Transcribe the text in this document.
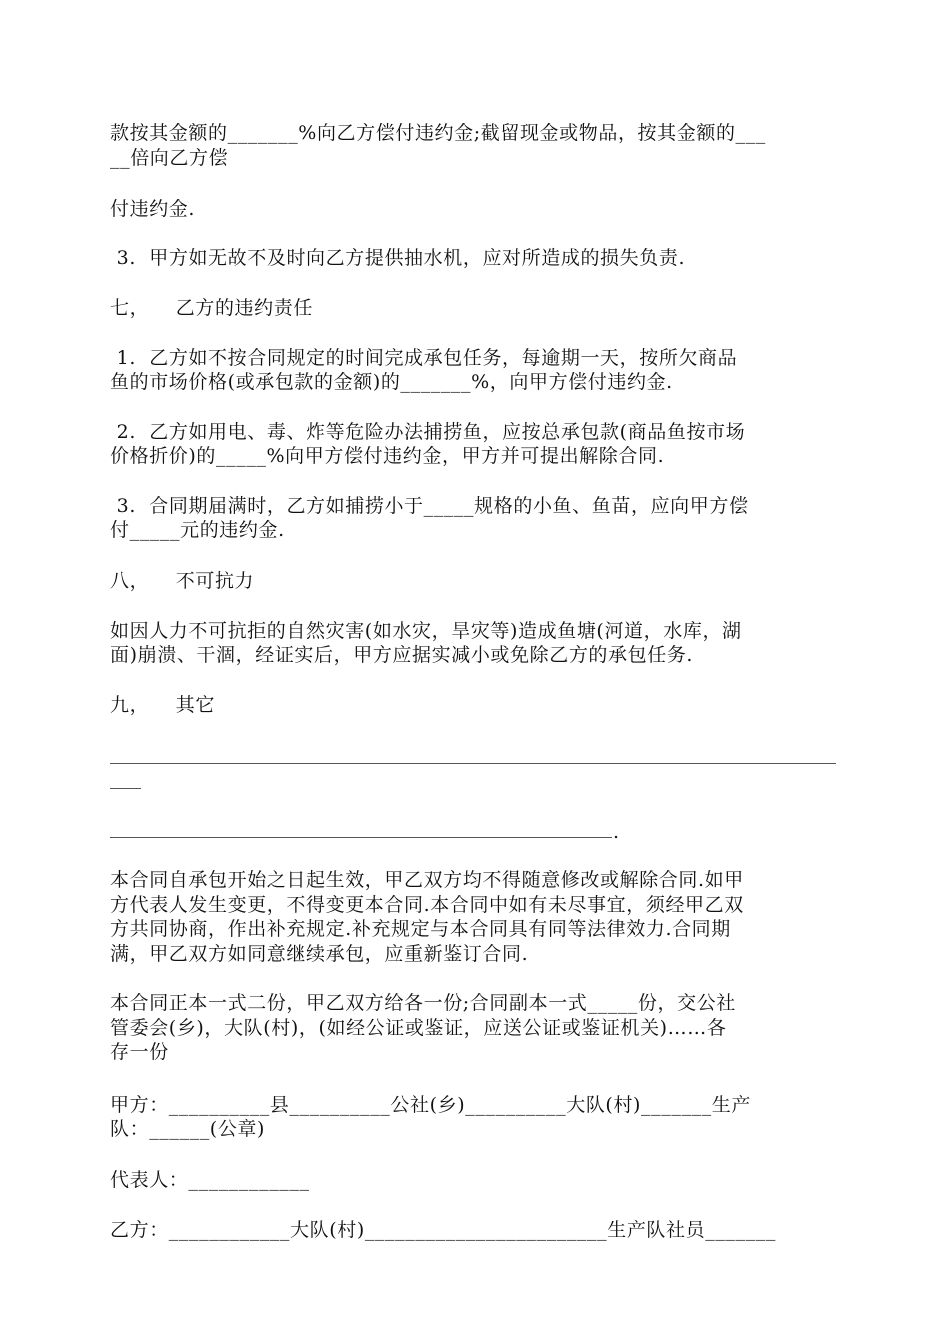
款按其金额的_______%向乙方偿付违约金;截留现金或物品，按其金额的___

__倍向乙方偿

付违约金.

3.  甲方如无故不及时向乙方提供抽水机，应对所造成的损失负责.

七，    乙方的违约责任

1.  乙方如不按合同规定的时间完成承包任务，每逾期一天，按所欠商品

鱼的市场价格(或承包款的金额)的_______%，向甲方偿付违约金.

2.  乙方如用电、毒、炸等危险办法捕捞鱼，应按总承包款(商品鱼按市场

价格折价)的_____%向甲方偿付违约金，甲方并可提出解除合同.

3.  合同期届满时，乙方如捕捞小于_____规格的小鱼、鱼苗，应向甲方偿

付_____元的违约金.

八，    不可抗力

如因人力不可抗拒的自然灾害(如水灾，旱灾等)造成鱼塘(河道，水库，湖

面)崩溃、干涸，经证实后，甲方应据实减小或免除乙方的承包任务.

九，    其它

.

本合同自承包开始之日起生效，甲乙双方均不得随意修改或解除合同.如甲

方代表人发生变更，不得变更本合同.本合同中如有未尽事宜，须经甲乙双

方共同协商，作出补充规定.补充规定与本合同具有同等法律效力.合同期

满，甲乙双方如同意继续承包，应重新鉴订合同.

本合同正本一式二份，甲乙双方给各一份;合同副本一式_____份，交公社

管委会(乡)，大队(村)，(如经公证或鉴证，应送公证或鉴证机关)……各

存一份

甲方：__________县__________公社(乡)__________大队(村)_______生产

队：______(公章)

代表人：____________

乙方：____________大队(村)________________________生产队社员_______
